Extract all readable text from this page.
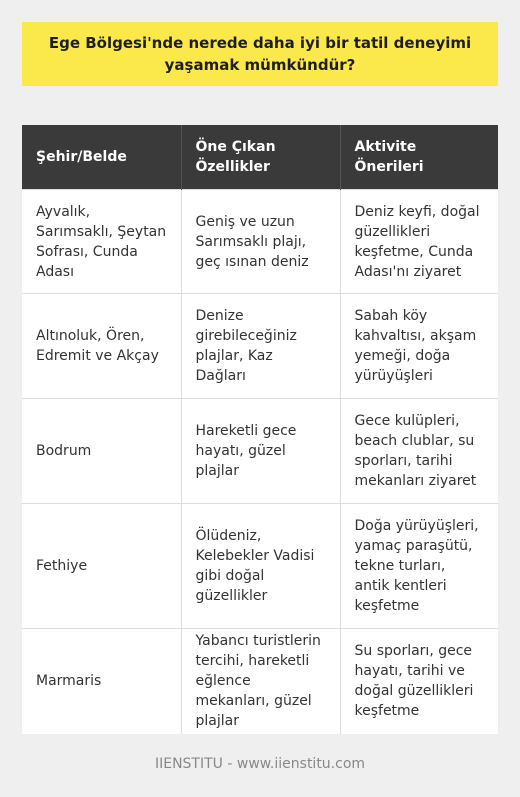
Ege Bölgesi'nde nerede daha iyi bir tatil deneyimi yaşamak mümkündür?
Şehir/Belde	Öne Çıkan Özellikler	Aktivite Önerileri
Ayvalık, Sarımsaklı, Şeytan Sofrası, Cunda Adası	Geniş ve uzun Sarımsaklı plajı, geç ısınan deniz	Deniz keyfi, doğal güzellikleri keşfetme, Cunda Adası'nı ziyaret
Altınoluk, Ören, Edremit ve Akçay	Denize girebileceğiniz plajlar, Kaz Dağları	Sabah köy kahvaltısı, akşam yemeği, doğa yürüyüşleri
Bodrum	Hareketli gece hayatı, güzel plajlar	Gece kulüpleri, beach clublar, su sporları, tarihi mekanları ziyaret
Fethiye	Ölüdeniz, Kelebekler Vadisi gibi doğal güzellikler	Doğa yürüyüşleri, yamaç paraşütü, tekne turları, antik kentleri keşfetme
Marmaris	Yabancı turistlerin tercihi, hareketli eğlence mekanları, güzel plajlar	Su sporları, gece hayatı, tarihi ve doğal güzellikleri keşfetme
IIENSTITU - www.iienstitu.com
